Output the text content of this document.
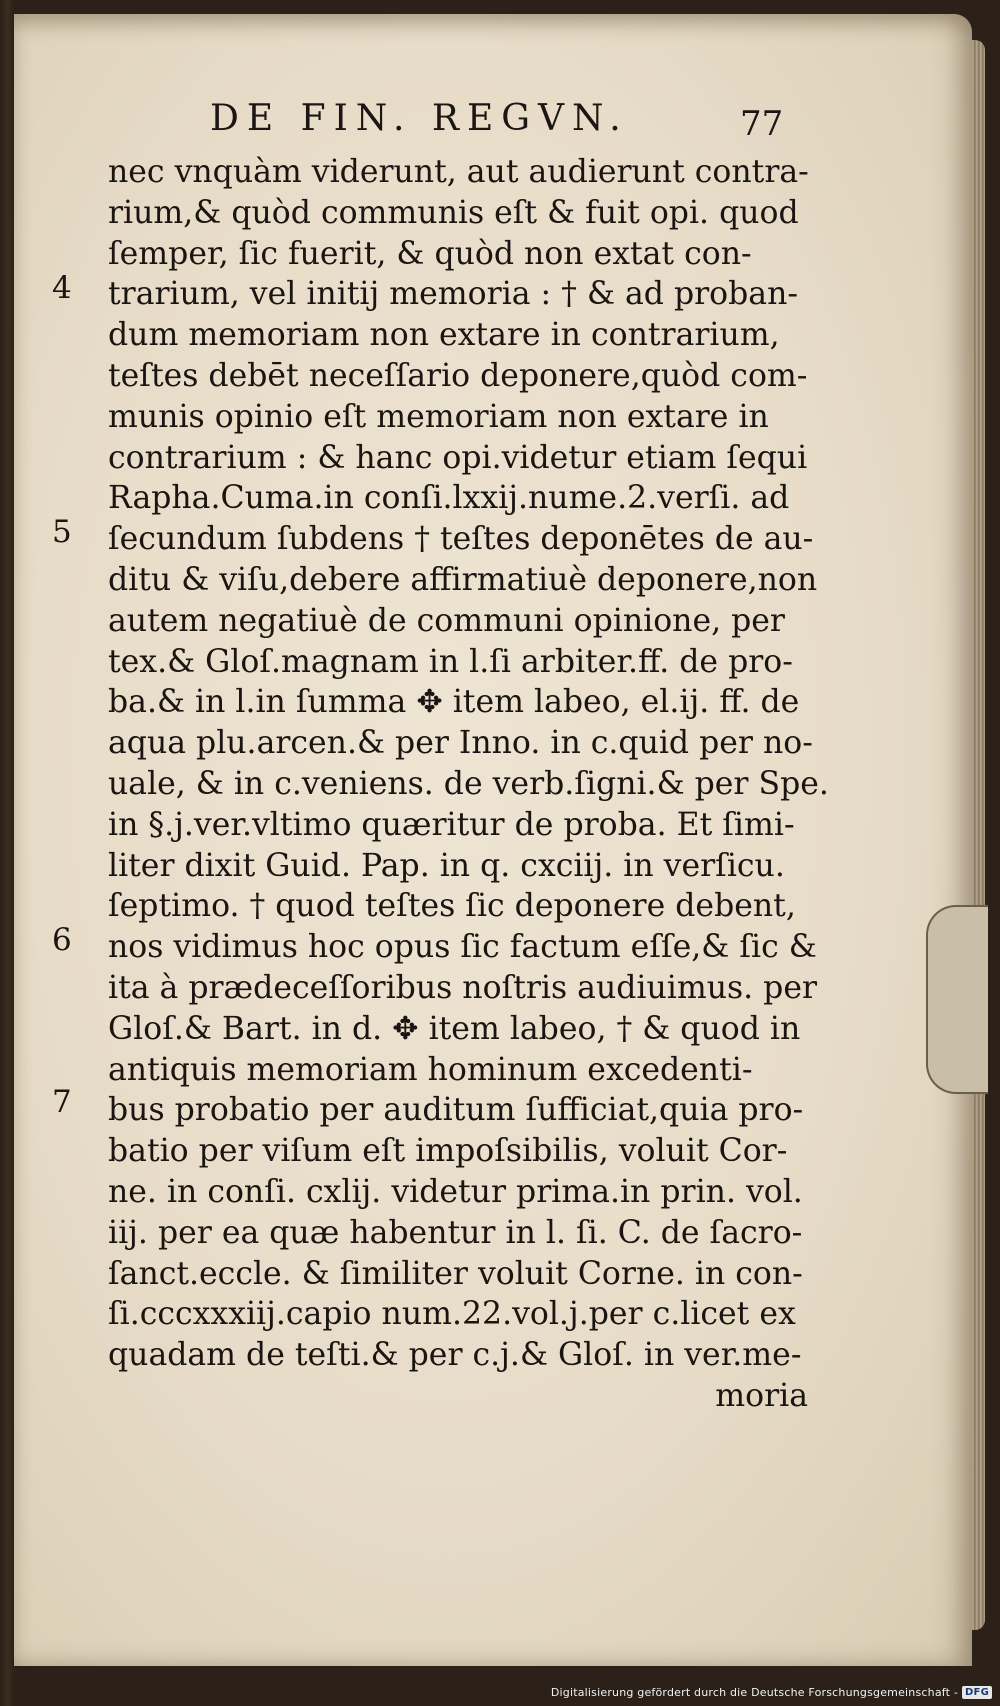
DE FIN. REGVN.	77
4
5
6
7
nec vnquàm viderunt, aut audierunt contra-
rium,& quòd communis eſt & fuit opi. quod
ſemper, ſic fuerit, & quòd non extat con-
trarium, vel initij memoria : † & ad proban-
dum memoriam non extare in contrarium,
teſtes debēt neceſſario deponere,quòd com-
munis opinio eſt memoriam non extare in
contrarium : & hanc opi.videtur etiam ſequi
Rapha.Cuma.in conſi.lxxij.nume.2.verſi. ad
ſecundum ſubdens † teſtes deponētes de au-
ditu & viſu,debere affirmatiuè deponere,non
autem negatiuè de communi opinione, per
tex.& Gloſ.magnam in l.ſi arbiter.ff. de pro-
ba.& in l.in ſumma ✥ item labeo, el.ij. ff. de
aqua plu.arcen.& per Inno. in c.quid per no-
uale, & in c.veniens. de verb.ſigni.& per Spe.
in §.j.ver.vltimo quæritur de proba. Et ſimi-
liter dixit Guid. Pap. in q. cxciij. in verſicu.
ſeptimo. † quod teſtes ſic deponere debent,
nos vidimus hoc opus ſic factum eſſe,& ſic &
ita à prædeceſſoribus noſtris audiuimus. per
Gloſ.& Bart. in d. ✥ item labeo, † & quod in
antiquis memoriam hominum excedenti-
bus probatio per auditum ſufficiat,quia pro-
batio per viſum eſt impoſsibilis, voluit Cor-
ne. in conſi. cxlij. videtur prima.in prin. vol.
iij. per ea quæ habentur in l. ſi. C. de ſacro-
ſanct.eccle. & ſimiliter voluit Corne. in con-
ſi.cccxxxiij.capio num.22.vol.j.per c.licet ex
quadam de teſti.& per c.j.& Gloſ. in ver.me-
moria
Digitalisierung gefördert durch die Deutsche Forschungsgemeinschaft - DFG
